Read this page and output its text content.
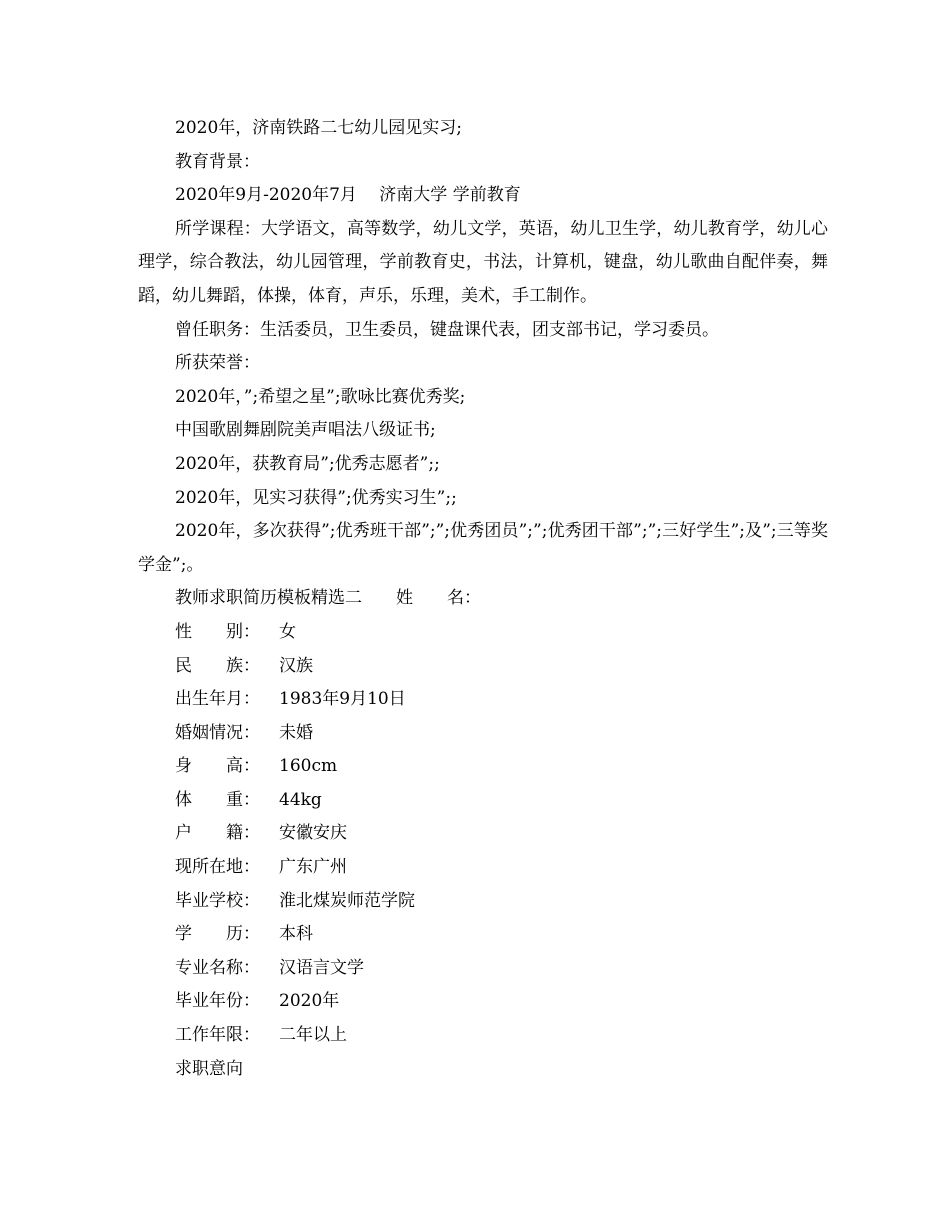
2020年，济南铁路二七幼儿园见实习;
教育背景：
2020年9月-2020年7月　 济南大学 学前教育
所学课程：大学语文，高等数学，幼儿文学，英语，幼儿卫生学，幼儿教育学，幼儿心理学，综合教法，幼儿园管理，学前教育史，书法，计算机，键盘，幼儿歌曲自配伴奏，舞蹈，幼儿舞蹈，体操，体育，声乐，乐理，美术，手工制作。
曾任职务：生活委员，卫生委员，键盘课代表，团支部书记，学习委员。
所获荣誉：
2020年，”;希望之星”;歌咏比赛优秀奖;
中国歌剧舞剧院美声唱法八级证书;
2020年，获教育局”;优秀志愿者”;;
2020年，见实习获得”;优秀实习生”;;
2020年，多次获得”;优秀班干部”;”;优秀团员”;”;优秀团干部”;”;三好学生”;及”;三等奖学金”;。
教师求职简历模板精选二　　姓　　名：
性　　别：	女
民　　族：	汉族
出生年月：	1983年9月10日
婚姻情况：	未婚
身　　高：	160cm
体　　重：	44kg
户　　籍：	安徽安庆
现所在地：	广东广州
毕业学校：	淮北煤炭师范学院
学　　历：	本科
专业名称：	汉语言文学
毕业年份：	2020年
工作年限：	二年以上
求职意向
